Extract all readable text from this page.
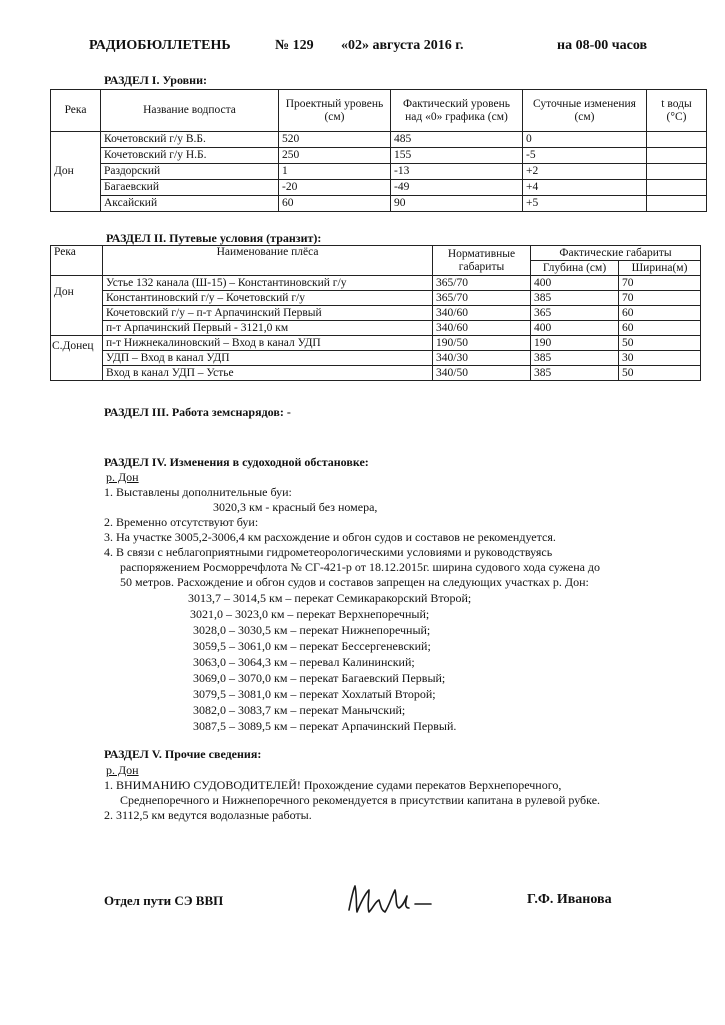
РАДИОБЮЛЛЕТЕНЬ	№ 129 «02» августа 2016 г.	на 08-00 часов
РАЗДЕЛ I. Уровни:
Река	Название водпоста	Проектный уровень (см)	Фактический уровень над «0» графика (см)	Суточные изменения (см)	t воды (°C)
Дон	Кочетовский г/у В.Б.	520	485	0	
	Кочетовский г/у Н.Б.	250	155	-5	
	Раздорский	1	-13	+2	
	Багаевский	-20	-49	+4	
	Аксайский	60	90	+5	
РАЗДЕЛ II. Путевые условия (транзит):
Река	Наименование плёса	Нормативные габариты	Фактические габариты	
			Глубина (см)	Ширина(м)
Дон	Устье 132 канала (Ш-15) – Константиновский г/у	365/70	400	70
	Константиновский г/у – Кочетовский г/у	365/70	385	70
	Кочетовский г/у – п-т Арпачинский Первый	340/60	365	60
	п-т Арпачинский Первый - 3121,0 км	340/60	400	60
С.Донец	п-т Нижнекалиновский – Вход в канал УДП	190/50	190	50
	УДП – Вход в канал УДП	340/30	385	30
	Вход в канал УДП – Устье	340/50	385	50
РАЗДЕЛ III. Работа земснарядов: -
РАЗДЕЛ IV. Изменения в судоходной обстановке:
р. Дон
1. Выставлены дополнительные буи:
3020,3 км - красный без номера,
2. Временно отсутствуют буи:
3. На участке 3005,2-3006,4 км расхождение и обгон судов и составов не рекомендуется.
4. В связи с неблагоприятными гидрометеорологическими условиями и руководствуясь
распоряжением Росморречфлота № СГ-421-р от 18.12.2015г. ширина судового хода сужена до
50 метров. Расхождение и обгон судов и составов запрещен на следующих участках р. Дон:
3013,7 – 3014,5 км – перекат Семикаракорский Второй;
3021,0 – 3023,0 км – перекат Верхнепоречный;
3028,0 – 3030,5 км – перекат Нижнепоречный;
3059,5 – 3061,0 км – перекат Бессергеневский;
3063,0 – 3064,3 км – перевал Калининский;
3069,0 – 3070,0 км – перекат Багаевский Первый;
3079,5 – 3081,0 км – перекат Хохлатый Второй;
3082,0 – 3083,7 км – перекат Манычский;
3087,5 – 3089,5 км – перекат Арпачинский Первый.
РАЗДЕЛ V. Прочие сведения:
р. Дон
1. ВНИМАНИЮ СУДОВОДИТЕЛЕЙ! Прохождение судами перекатов Верхнепоречного,
Среднепоречного и Нижнепоречного рекомендуется в присутствии капитана в рулевой рубке.
2. 3112,5 км ведутся водолазные работы.
Отдел пути СЭ ВВП	Г.Ф. Иванова
